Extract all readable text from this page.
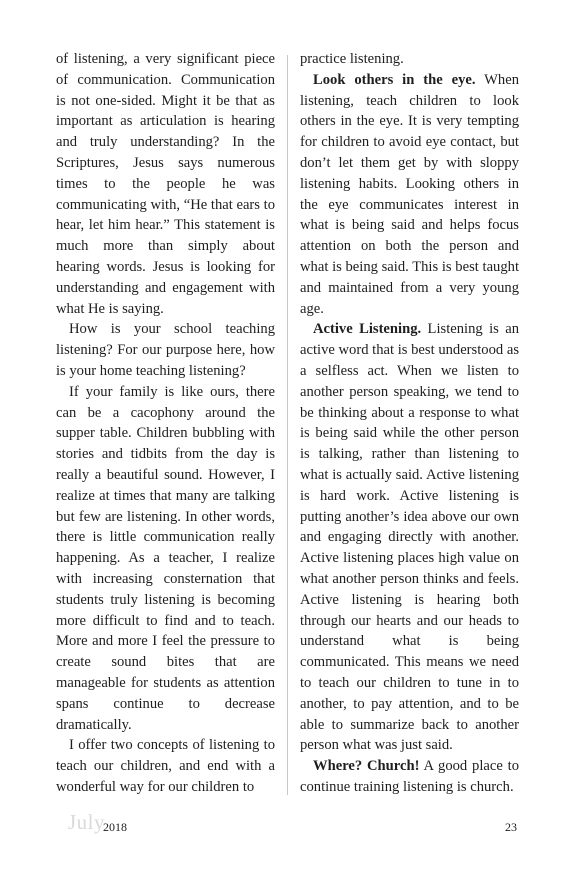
of listening, a very significant piece of communication. Communication is not one-sided. Might it be that as important as articulation is hearing and truly understanding? In the Scriptures, Jesus says numerous times to the people he was communicating with, “He that ears to hear, let him hear.” This statement is much more than simply about hearing words. Jesus is looking for understanding and engagement with what He is saying.

How is your school teaching listening? For our purpose here, how is your home teaching listening?

If your family is like ours, there can be a cacophony around the supper table. Children bubbling with stories and tidbits from the day is really a beautiful sound. However, I realize at times that many are talking but few are listening. In other words, there is little communication really happening. As a teacher, I realize with increasing consternation that students truly listening is becoming more difficult to find and to teach. More and more I feel the pressure to create sound bites that are manageable for students as attention spans continue to decrease dramatically.

I offer two concepts of listening to teach our children, and end with a wonderful way for our children to

practice listening.

Look others in the eye. When listening, teach children to look others in the eye. It is very tempting for children to avoid eye contact, but don’t let them get by with sloppy listening habits. Looking others in the eye communicates interest in what is being said and helps focus attention on both the person and what is being said. This is best taught and maintained from a very young age.

Active Listening. Listening is an active word that is best understood as a selfless act. When we listen to another person speaking, we tend to be thinking about a response to what is being said while the other person is talking, rather than listening to what is actually said. Active listening is hard work. Active listening is putting another’s idea above our own and engaging directly with another. Active listening places high value on what another person thinks and feels. Active listening is hearing both through our hearts and our heads to understand what is being communicated. This means we need to teach our children to tune in to another, to pay attention, and to be able to summarize back to another person what was just said.

Where? Church! A good place to continue training listening is church.

July
2018	23
